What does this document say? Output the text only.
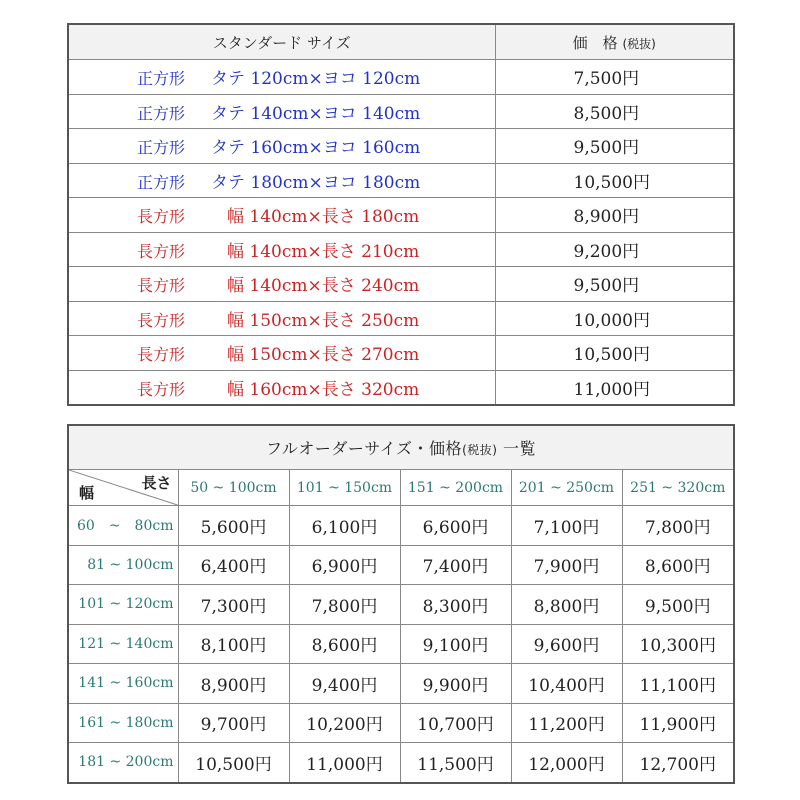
スタンダード サイズ	価　格 (税抜)
正方形 タテ 120cm×ヨコ 120cm	7,500円
正方形 タテ 140cm×ヨコ 140cm	8,500円
正方形 タテ 160cm×ヨコ 160cm	9,500円
正方形 タテ 180cm×ヨコ 180cm	10,500円
長方形 幅 140cm×長さ 180cm	8,900円
長方形 幅 140cm×長さ 210cm	9,200円
長方形 幅 140cm×長さ 240cm	9,500円
長方形 幅 150cm×長さ 250cm	10,000円
長方形 幅 150cm×長さ 270cm	10,500円
長方形 幅 160cm×長さ 320cm	11,000円
フルオーダーサイズ・価格(税抜) 一覧					

長さ
幅	50 ~ 100cm	101 ~ 150cm	151 ~ 200cm	201 ~ 250cm	251 ~ 320cm
60　~　80cm	5,600円	6,100円	6,600円	7,100円	7,800円
81 ~ 100cm	6,400円	6,900円	7,400円	7,900円	8,600円
101 ~ 120cm	7,300円	7,800円	8,300円	8,800円	9,500円
121 ~ 140cm	8,100円	8,600円	9,100円	9,600円	10,300円
141 ~ 160cm	8,900円	9,400円	9,900円	10,400円	11,100円
161 ~ 180cm	9,700円	10,200円	10,700円	11,200円	11,900円
181 ~ 200cm	10,500円	11,000円	11,500円	12,000円	12,700円
